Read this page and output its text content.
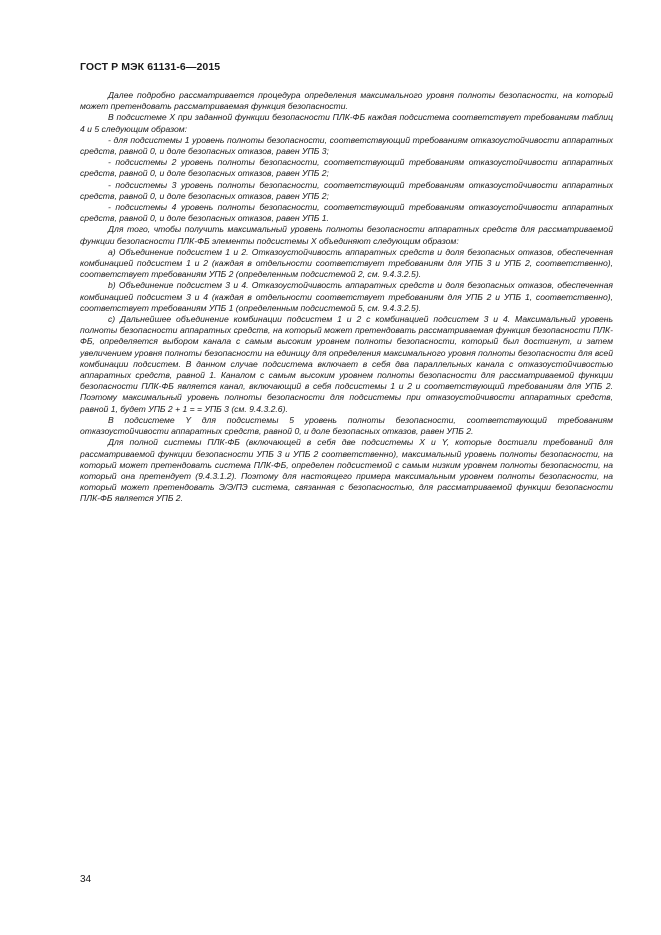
ГОСТ Р МЭК 61131-6—2015

Далее подробно рассматривается процедура определения максимального уровня полноты безопасности, на который может претендовать рассматриваемая функция безопасности.

В подсистеме X при заданной функции безопасности ПЛК-ФБ каждая подсистема соответствует требованиям таблиц 4 и 5 следующим образом:

- для подсистемы 1 уровень полноты безопасности, соответствующий требованиям отказоустойчивости аппаратных средств, равной 0, и доле безопасных отказов, равен УПБ 3;

- подсистемы 2 уровень полноты безопасности, соответствующий требованиям отказоустойчивости аппаратных средств, равной 0, и доле безопасных отказов, равен УПБ 2;

- подсистемы 3 уровень полноты безопасности, соответствующий требованиям отказоустойчивости аппаратных средств, равной 0, и доле безопасных отказов, равен УПБ 2;

- подсистемы 4 уровень полноты безопасности, соответствующий требованиям отказоустойчивости аппаратных средств, равной 0, и доле безопасных отказов, равен УПБ 1.

Для того, чтобы получить максимальный уровень полноты безопасности аппаратных средств для рассматриваемой функции безопасности ПЛК-ФБ элементы подсистемы X объединяют следующим образом:

a) Объединение подсистем 1 и 2. Отказоустойчивость аппаратных средств и доля безопасных отказов, обеспеченная комбинацией подсистем 1 и 2 (каждая в отдельности соответствует требованиям для УПБ 3 и УПБ 2, соответственно), соответствует требованиям УПБ 2 (определенным подсистемой 2, см. 9.4.3.2.5).

b) Объединение подсистем 3 и 4. Отказоустойчивость аппаратных средств и доля безопасных отказов, обеспеченная комбинацией подсистем 3 и 4 (каждая в отдельности соответствует требованиям для УПБ 2 и УПБ 1, соответственно), соответствует требованиям УПБ 1 (определенным подсистемой 5, см. 9.4.3.2.5).

c) Дальнейшее объединение комбинации подсистем 1 и 2 с комбинацией подсистем 3 и 4. Максимальный уровень полноты безопасности аппаратных средств, на который может претендовать рассматриваемая функция безопасности ПЛК-ФБ, определяется выбором канала с самым высоким уровнем полноты безопасности, который был достигнут, и затем увеличением уровня полноты безопасности на единицу для определения максимального уровня полноты безопасности для всей комбинации подсистем. В данном случае подсистема включает в себя два параллельных канала с отказоустойчивостью аппаратных средств, равной 1. Каналом с самым высоким уровнем полноты безопасности для рассматриваемой функции безопасности ПЛК-ФБ является канал, включающий в себя подсистемы 1 и 2 и соответствующий требованиям для УПБ 2. Поэтому максимальный уровень полноты безопасности для подсистемы при отказоустойчивости аппаратных средств, равной 1, будет УПБ 2 + 1 = = УПБ 3 (см. 9.4.3.2.6).

В подсистеме Y для подсистемы 5 уровень полноты безопасности, соответствующий требованиям отказоустойчивости аппаратных средств, равной 0, и доле безопасных отказов, равен УПБ 2.

Для полной системы ПЛК-ФБ (включающей в себя две подсистемы X и Y, которые достигли требований для рассматриваемой функции безопасности УПБ 3 и УПБ 2 соответственно), максимальный уровень полноты безопасности, на который может претендовать система ПЛК-ФБ, определен подсистемой с самым низким уровнем полноты безопасности, на который она претендует (9.4.3.1.2). Поэтому для настоящего примера максимальным уровнем полноты безопасности, на который может претендовать Э/Э/ПЭ система, связанная с безопасностью, для рассматриваемой функции безопасности ПЛК-ФБ является УПБ 2.

34
